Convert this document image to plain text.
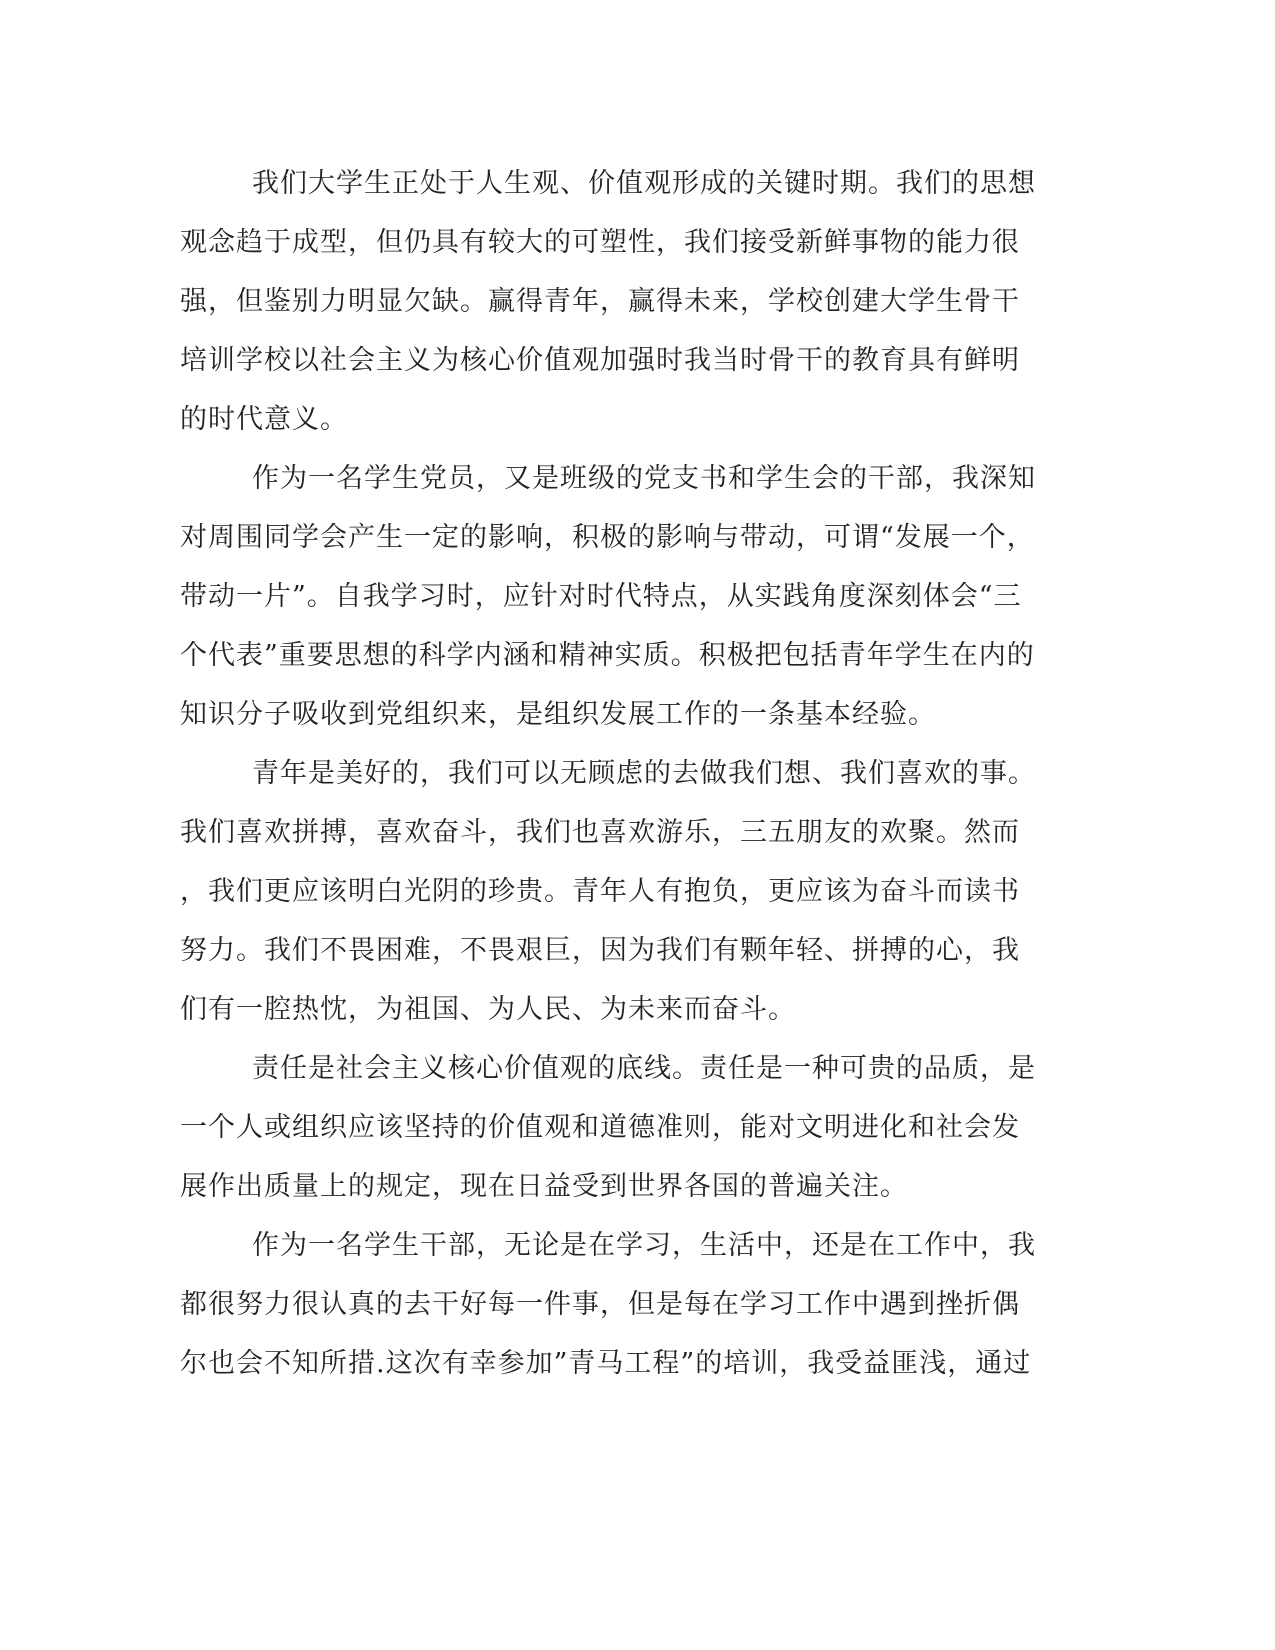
我们大学生正处于人生观、价值观形成的关键时期。我们的思想
观念趋于成型，但仍具有较大的可塑性，我们接受新鲜事物的能力很
强，但鉴别力明显欠缺。赢得青年，赢得未来，学校创建大学生骨干
培训学校以社会主义为核心价值观加强时我当时骨干的教育具有鲜明
的时代意义。
作为一名学生党员，又是班级的党支书和学生会的干部，我深知
对周围同学会产生一定的影响，积极的影响与带动，可谓“发展一个，
带动一片”。自我学习时，应针对时代特点，从实践角度深刻体会“三
个代表”重要思想的科学内涵和精神实质。积极把包括青年学生在内的
知识分子吸收到党组织来，是组织发展工作的一条基本经验。
青年是美好的，我们可以无顾虑的去做我们想、我们喜欢的事。
我们喜欢拼搏，喜欢奋斗，我们也喜欢游乐，三五朋友的欢聚。然而
，我们更应该明白光阴的珍贵。青年人有抱负，更应该为奋斗而读书
努力。我们不畏困难，不畏艰巨，因为我们有颗年轻、拼搏的心，我
们有一腔热忱，为祖国、为人民、为未来而奋斗。
责任是社会主义核心价值观的底线。责任是一种可贵的品质，是
一个人或组织应该坚持的价值观和道德准则，能对文明进化和社会发
展作出质量上的规定，现在日益受到世界各国的普遍关注。
作为一名学生干部，无论是在学习，生活中，还是在工作中，我
都很努力很认真的去干好每一件事，但是每在学习工作中遇到挫折偶
尔也会不知所措.这次有幸参加”青马工程”的培训，我受益匪浅，通过
